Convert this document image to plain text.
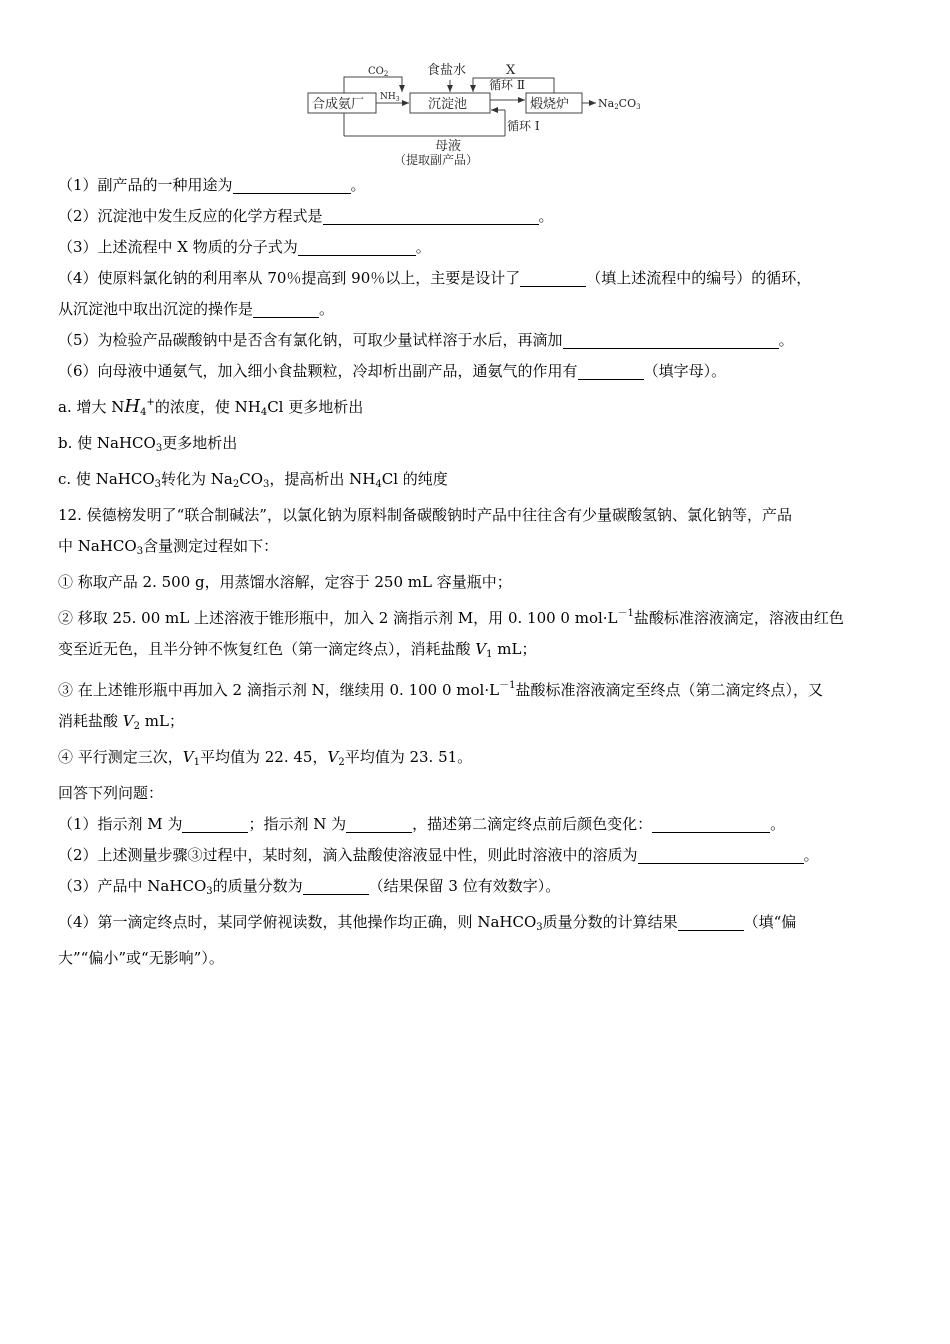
$CO_2$	食盐水	X
循环 Ⅱ
$NH_3$
循环 Ⅰ
Na2CO3
合成氨厂	沉淀池	煅烧炉
母液
（提取副产品）
（1）副产品的一种用途为	。
（2）沉淀池中发生反应的化学方程式是	。
（3）上述流程中 X 物质的分子式为	。
（4）使原料氯化钠的利用率从 70％提高到 90％以上，主要是设计了	（填上述流程中的编号）的循环，
从沉淀池中取出沉淀的操作是	。
（5）为检验产品碳酸钠中是否含有氯化钠，可取少量试样溶于水后，再滴加	。
（6）向母液中通氨气，加入细小食盐颗粒，冷却析出副产品，通氨气的作用有	（填字母）。
a. 增大 $NH_4^+$的浓度，使 $NH_4Cl$ 更多地析出
b. 使 NaHCO$_3$更多地析出
c. 使 NaHCO$_3$转化为 $Na_2CO_3$，提高析出 $NH_4Cl$ 的纯度
12. 侯德榜发明了“联合制碱法”，以氯化钠为原料制备碳酸钠时产品中往往含有少量碳酸氢钠、氯化钠等，产品
中 NaHCO$_3$含量测定过程如下：
① 称取产品 2. 500 g，用蒸馏水溶解，定容于 250 mL 容量瓶中；
② 移取 25. 00 mL 上述溶液于锥形瓶中，加入 2 滴指示剂 M，用 0. 100 0 $mol\cdot L^{-1}$盐酸标准溶液滴定，溶液由红色
变至近无色，且半分钟不恢复红色（第一滴定终点），消耗盐酸 $V_1$ mL；
③ 在上述锥形瓶中再加入 2 滴指示剂 N，继续用 0. 100 0 $mol\cdot L^{-1}$盐酸标准溶液滴定至终点（第二滴定终点），又
消耗盐酸 $V_2$ mL；
④ 平行测定三次，$V_1$平均值为 22. 45，$V_2$平均值为 23. 51。
回答下列问题：
（1）指示剂 M 为	；指示剂 N 为	，描述第二滴定终点前后颜色变化：	。
（2）上述测量步骤③过程中，某时刻，滴入盐酸使溶液显中性，则此时溶液中的溶质为	。
（3）产品中 NaHCO$_3$的质量分数为	（结果保留 3 位有效数字）。
（4）第一滴定终点时，某同学俯视读数，其他操作均正确，则 NaHCO$_3$质量分数的计算结果	（填“偏
大”“偏小”或“无影响”）。
